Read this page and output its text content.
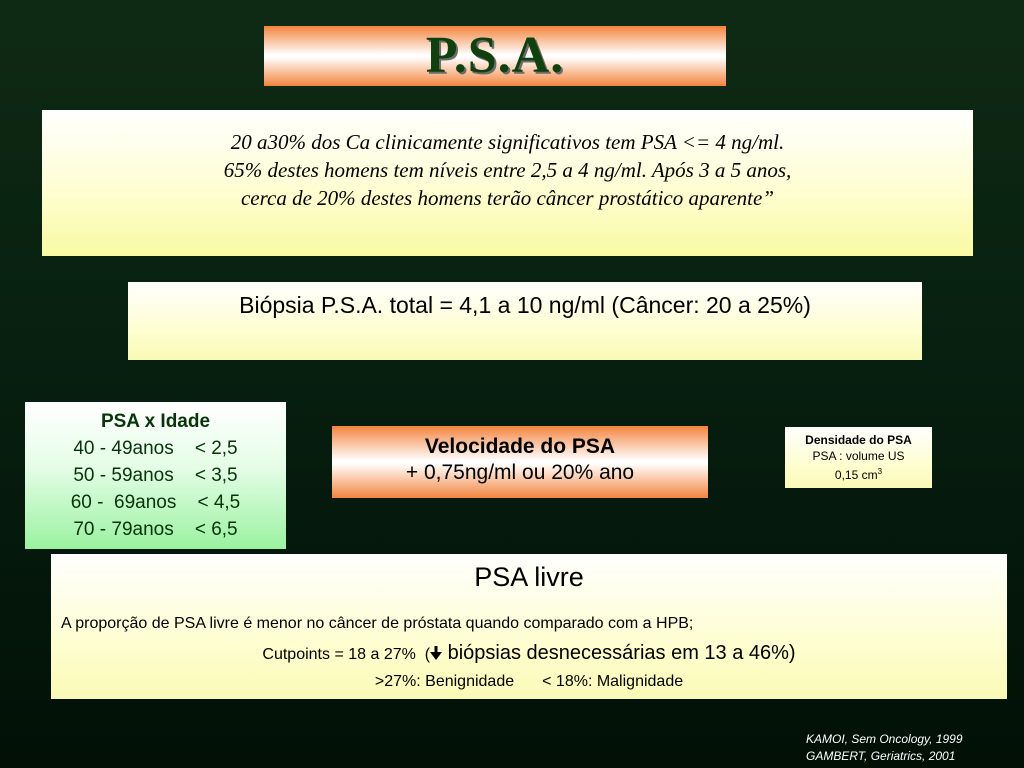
P.S.A.
20 a30% dos Ca clinicamente significativos tem PSA <= 4 ng/ml.
65% destes homens tem níveis entre 2,5 a 4 ng/ml. Após 3 a 5 anos,
cerca de 20% destes homens terão câncer prostático aparente”
Biópsia P.S.A. total = 4,1 a 10 ng/ml (Câncer: 20 a 25%)
PSA x Idade
40 - 49anos    < 2,5
50 - 59anos    < 3,5
60 -  69anos    < 4,5
70 - 79anos    < 6,5
Velocidade do PSA
+ 0,75ng/ml ou 20% ano
Densidade do PSA
PSA : volume US
0,15 $cm^3$
PSA livre
A proporção de PSA livre é menor no câncer de próstata quando comparado com a HPB;
Cutpoints = 18 a 27%  ( biópsias desnecessárias em 13 a 46%)
>27%: Benignidade < 18%: Malignidade
KAMOI, Sem Oncology, 1999
GAMBERT, Geriatrics, 2001
